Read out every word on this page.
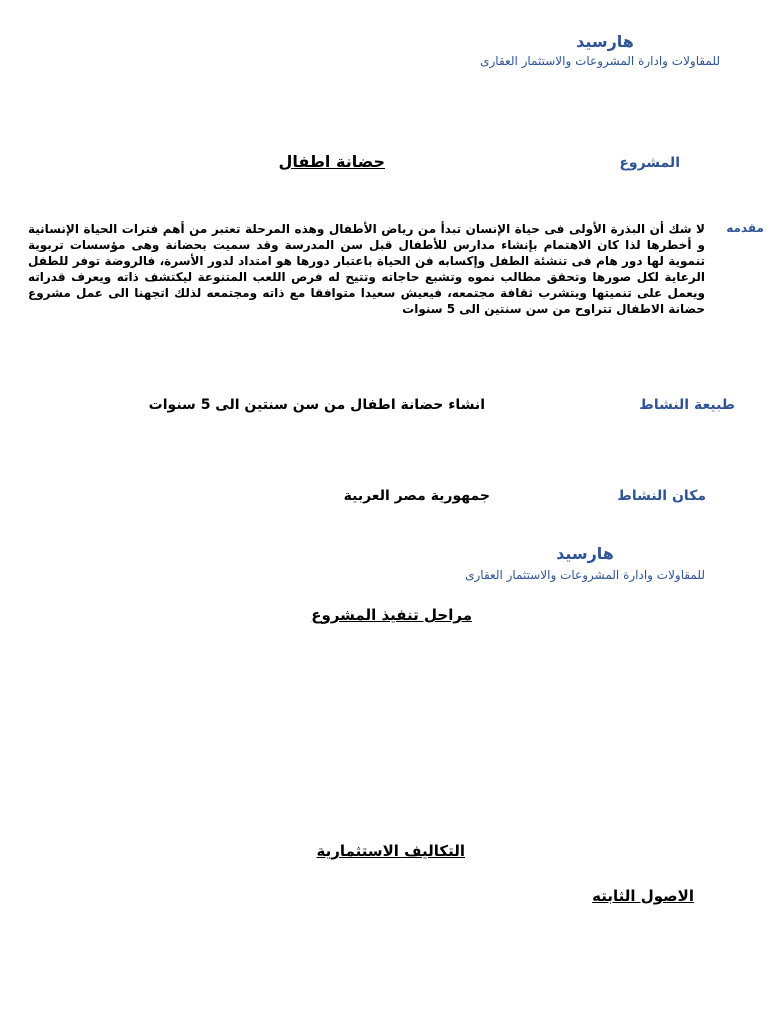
هارسيد
للمقاولات وادارة المشروعات والاستثمار العقارى
المشروع
حضانة اطفال
مقدمه
لا شك أن البذرة الأولى فى حياة الإنسان تبدأ من رياض الأطفال وهذه المرحلة تعتبر من أهم فترات الحياة الإنسانية و أخطرها لذا كان الاهتمام بإنشاء مدارس للأطفال قبل سن المدرسة وقد سميت بحضانة وهى مؤسسات تربوية تنموية لها دور هام فى تنشئة الطفل وإكسابه فن الحياة باعتبار دورها هو امتداد لدور الأسرة، فالروضة توفر للطفل الرعاية لكل صورها وتحقق مطالب نموه وتشبع حاجاته وتتيح له فرص اللعب المتنوعة ليكتشف ذاته ويعرف قدراته ويعمل على تنميتها ويتشرب ثقافة مجتمعه، فيعيش سعيدا متوافقا مع ذاته ومجتمعه لذلك اتجهنا الى عمل مشروع حضانة الاطفال تتراوح من سن سنتين الى 5 سنوات
طبيعة النشاط
انشاء حضانة اطفال من سن سنتين الى 5 سنوات
مكان النشاط
جمهورية مصر العربية
هارسيد
للمقاولات وادارة المشروعات والاستثمار العقارى
مراحل تنفيذ المشروع
التكاليف الاستثمارية
الاصول الثابته
